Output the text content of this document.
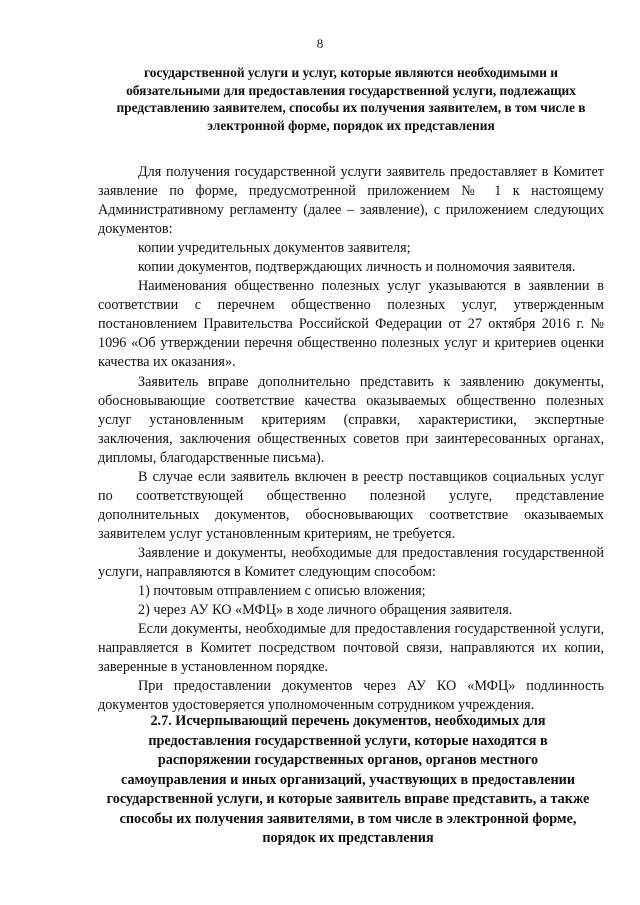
8
государственной услуги и услуг, которые являются необходимыми и обязательными для предоставления государственной услуги, подлежащих представлению заявителем, способы их получения заявителем, в том числе в электронной форме, порядок их представления

Для получения государственной услуги заявитель предоставляет в Комитет заявление по форме, предусмотренной приложением № 1 к настоящему Административному регламенту (далее – заявление), с приложением следующих документов:

копии учредительных документов заявителя;

копии документов, подтверждающих личность и полномочия заявителя.

Наименования общественно полезных услуг указываются в заявлении в соответствии с перечнем общественно полезных услуг, утвержденным постановлением Правительства Российской Федерации от 27 октября 2016 г. № 1096 «Об утверждении перечня общественно полезных услуг и критериев оценки качества их оказания».

Заявитель вправе дополнительно представить к заявлению документы, обосновывающие соответствие качества оказываемых общественно полезных услуг установленным критериям (справки, характеристики, экспертные заключения, заключения общественных советов при заинтересованных органах, дипломы, благодарственные письма).

В случае если заявитель включен в реестр поставщиков социальных услуг по соответствующей общественно полезной услуге, представление дополнительных документов, обосновывающих соответствие оказываемых заявителем услуг установленным критериям, не требуется.

Заявление и документы, необходимые для предоставления государственной услуги, направляются в Комитет следующим способом:

1) почтовым отправлением с описью вложения;

2) через АУ КО «МФЦ» в ходе личного обращения заявителя.

Если документы, необходимые для предоставления государственной услуги, направляется в Комитет посредством почтовой связи, направляются их копии, заверенные в установленном порядке.

При предоставлении документов через АУ КО «МФЦ» подлинность документов удостоверяется уполномоченным сотрудником учреждения.

2.7. Исчерпывающий перечень документов, необходимых для предоставления государственной услуги, которые находятся в распоряжении государственных органов, органов местного самоуправления и иных организаций, участвующих в предоставлении государственной услуги, и которые заявитель вправе представить, а также способы их получения заявителями, в том числе в электронной форме, порядок их представления
